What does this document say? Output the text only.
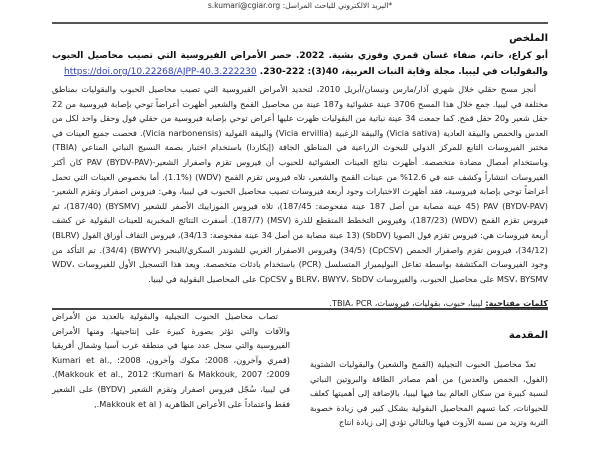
*البريد الالكتروني للباحث المراسل: s.kumari@cgiar.org
الملخص
أبو كراع، حاتم، صفاء غسان قمري وفوزي بشية. 2022. حصر الأمراض الفيروسية التي تصيب محاصيل الحبوب والبقوليات في ليبيا. مجلة وقاية النبات العربية، 40(3): 222-230. https://doi.org/10.22268/AJPP-40.3.222230

أنجز مسح حقلي خلال شهري آذار/مارس ونيسان/أبريل 2010، لتحديد الأمراض الفيروسية التي تصيب محاصيل الحبوب والبقوليات بمناطق مختلفة في ليبيا. جمع خلال هذا المسح 3706 عينة عشوائية و187 عينة من محاصيل القمح والشعير أظهرت أعراضاً توحي بإصابة فيروسية من 22 حقل شعير و20 حقل قمح. كما جمعت 34 عينة نباتية من البقوليات ظهرت عليها أعراض توحي بإصابة فيروسية من حقلي فول وحقل واحد لكل من العدس والحمص والبيقة العادية (Vicia sativa) والبيقة الزغبية (Vicia ervillia) والبيقة الفولية (Vicia narbonensis). فحصت جميع العينات في مختبر الفيروسات التابع للمركز الدولي للبحوث الزراعية في المناطق الجافة (إيكاردا) باستخدام اختبار بصمة النسيج النباتي المناعي (TBIA) وباستخدام أمصال مضادة متخصصة. أظهرت نتائج العينات العشوائية للحبوب أن فيروس تقزم واصفرار الشعير-PAV (BYDV-PAV) كان أكثر الفيروسات انتشاراً وكشف عنه في 12.6% من عينات القمح والشعير، تلاه فيروس تقزم القمح (WDV) (1.1%). أما بخصوص العينات التي تحمل أعراضاً توحي بإصابة فيروسية، فقد أظهرت الاختبارات وجود أربعة فيروسات تصيب محاصيل الحبوب في ليبيا، وهي: فيروس اصفرار وتقزم الشعير-PAV (BYDV-PAV) (45 عينة مصابة من أصل 187 عينة مفحوصة: 187/45)، تلاه فيروس الموزاييك الأصفر للشعير (BYSMV) (187/40)، ثم فيروس تقزم القمح (WDV) (187/23)، وفيروس التخطط المتقطع للذرة (MSV) (187/7). أسفرت النتائج المخبرية للعينات البقولية عن كشف أربعة فيروسات هي: فيروس تقزم فول الصويا (SbDV) (13 عينة مصابة من أصل 34 عينة مفحوصة: 34/13)، فيروس التفاف أوراق الفول (BLRV) (34/12)، فيروس تقزم واصفرار الحمص (CpCSV) (34/5) وفيروس الاصفرار الغربي للشوندر السكري/البنجر (BWYV) (34/4). تم التأكد من وجود الفيروسات المكتشفة بواسطة تفاعل البوليميراز المتسلسل (PCR) باستخدام بادئات متخصصة. ويعد هذا التسجيل الأول للفيروسات WDV، MSV، BYSMV على محاصيل الحبوب، والفيروسات BLRV، BWYV، SbDV و CpCSV على المحاصيل البقولية في ليبيا.

كلمات مفتاحية: ليبيا، حبوب، بقوليات، فيروسات، TBIA، PCR.
المقدمة

تعدّ محاصيل الحبوب النجيلية (القمح والشعير) والبقوليات الشتوية (الفول، الحمص والعدس) من أهم مصادر الطاقة والبروتين النباتي لنسبة كبيرة من سكان العالم بما فيها ليبيا، بالإضافة إلى أهميتها كعلف للحيوانات، كما تسهم المحاصيل البقولية بشكل كبير في زيادة خصوبة التربة وتزيد من نسبة الآزوت فيها وبالتالي تؤدي إلى زيادة انتاج

تصاب محاصيل الحبوب النجيلية والبقولية بالعديد من الأمراض والآفات والتي تؤثر بصورة كبيرة على إنتاجيتها، ومنها الأمراض الفيروسية والتي سجل عدد منها في منطقة غرب آسيا وشمال أفريقيا (قمري وآخرون، 2008؛ مكوك وآخرون، 2008؛ Kumari et al., 2009؛ Kumari & Makkouk, 2007؛ Makkouk et al., 2012). في ليبيا، سُجّل فيروس اصفرار وتقزم الشعير (BYDV) على الشعير فقط واعتماداً على الأعراض الظاهرية ( Makkouk et al.,
